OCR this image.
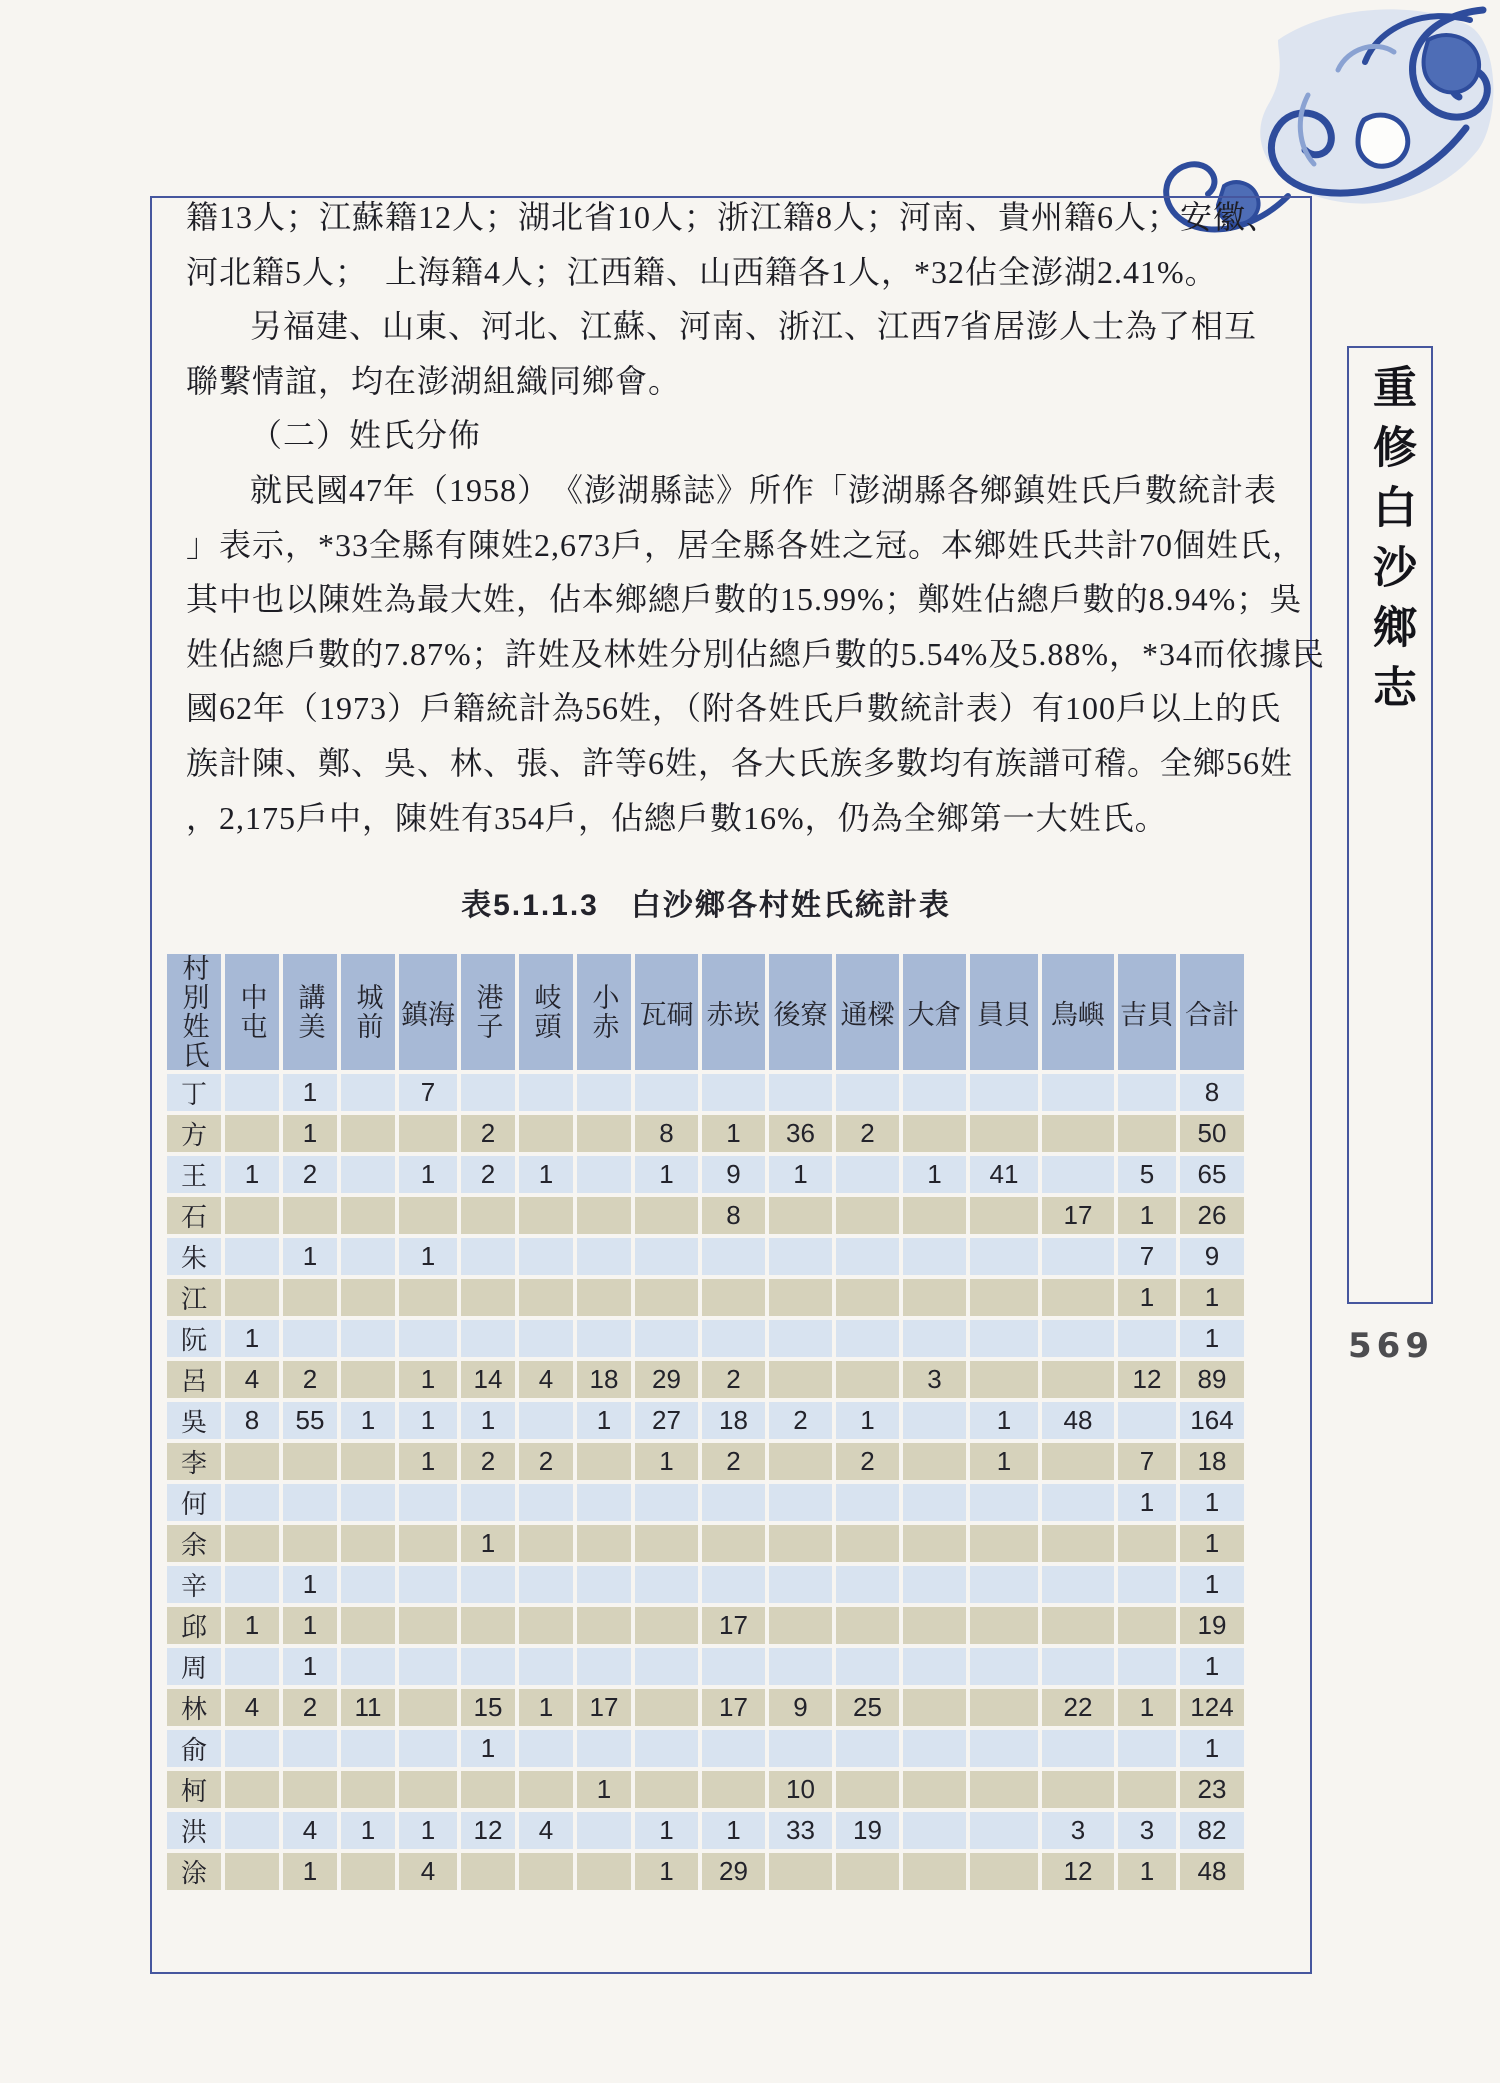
籍13人；江蘇籍12人；湖北省10人；浙江籍8人；河南、貴州籍6人；安徽、
河北籍5人；　上海籍4人；江西籍、山西籍各1人，*32佔全澎湖2.41%。
另福建、山東、河北、江蘇、河南、浙江、江西7省居澎人士為了相互
聯繫情誼，均在澎湖組織同鄉會。
（二）姓氏分佈
就民國47年（1958）　《澎湖縣誌》所作「澎湖縣各鄉鎮姓氏戶數統計表
」表示，*33全縣有陳姓2,673戶，居全縣各姓之冠。本鄉姓氏共計70個姓氏，
其中也以陳姓為最大姓，佔本鄉總戶數的15.99%；鄭姓佔總戶數的8.94%；吳
姓佔總戶數的7.87%；許姓及林姓分別佔總戶數的5.54%及5.88%，*34而依據民
國62年（1973）戶籍統計為56姓，（附各姓氏戶數統計表）有100戶以上的氏
族計陳、鄭、吳、林、張、許等6姓，各大氏族多數均有族譜可稽。全鄉56姓
，2,175戶中，陳姓有354戶，佔總戶數16%，仍為全鄉第一大姓氏。
表5.1.1.3　白沙鄉各村姓氏統計表
村別姓氏	中屯	講美	城前	鎮海	港子	岐頭	小赤	瓦硐	赤崁	後寮	通樑	大倉	員貝	鳥嶼	吉貝	合計
丁		1		7												8
方		1			2			8	1	36	2					50
王	1	2		1	2	1		1	9	1		1	41		5	65
石									8					17	1	26
朱		1		1											7	9
江															1	1
阮	1															1
呂	4	2		1	14	4	18	29	2			3			12	89
吳	8	55	1	1	1		1	27	18	2	1		1	48		164
李				1	2	2		1	2		2		1		7	18
何															1	1
余					1											1
辛		1														1
邱	1	1							17							19
周		1														1
林	4	2	11		15	1	17		17	9	25			22	1	124
俞					1											1
柯							1			10						23
洪		4	1	1	12	4		1	1	33	19			3	3	82
涂		1		4				1	29					12	1	48
重修白沙鄉志
569
